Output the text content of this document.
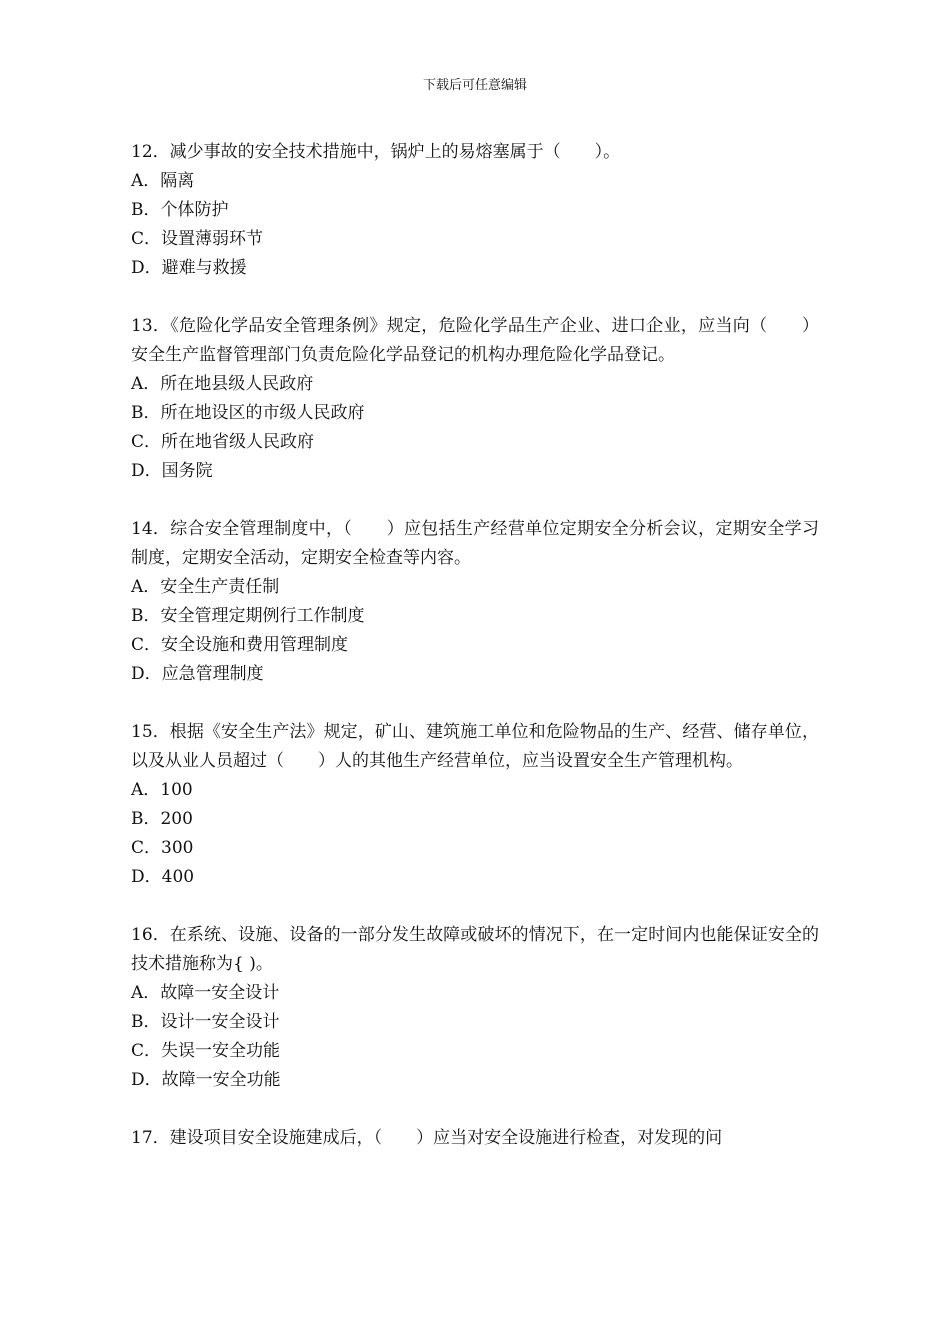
下载后可任意编辑

12．减少事故的安全技术措施中，锅炉上的易熔塞属于（　　）。

A．隔离

B．个体防护

C．设置薄弱环节

D．避难与救援

13．《危险化学品安全管理条例》规定，危险化学品生产企业、进口企业，应当向（　　）安全生产监督管理部门负责危险化学品登记的机构办理危险化学品登记。

A．所在地县级人民政府

B．所在地设区的市级人民政府

C．所在地省级人民政府

D．国务院

14．综合安全管理制度中，（　　）应包括生产经营单位定期安全分析会议，定期安全学习制度，定期安全活动，定期安全检查等内容。

A．安全生产责任制

B．安全管理定期例行工作制度

C．安全设施和费用管理制度

D．应急管理制度

15．根据《安全生产法》规定，矿山、建筑施工单位和危险物品的生产、经营、储存单位，以及从业人员超过（　　）人的其他生产经营单位，应当设置安全生产管理机构。

A．100

B．200

C．300

D．400

16．在系统、设施、设备的一部分发生故障或破坏的情况下，在一定时间内也能保证安全的技术措施称为{ )。

A．故障一安全设计

B．设计一安全设计

C．失误一安全功能

D．故障一安全功能

17．建设项目安全设施建成后，（　　）应当对安全设施进行检查，对发现的问
